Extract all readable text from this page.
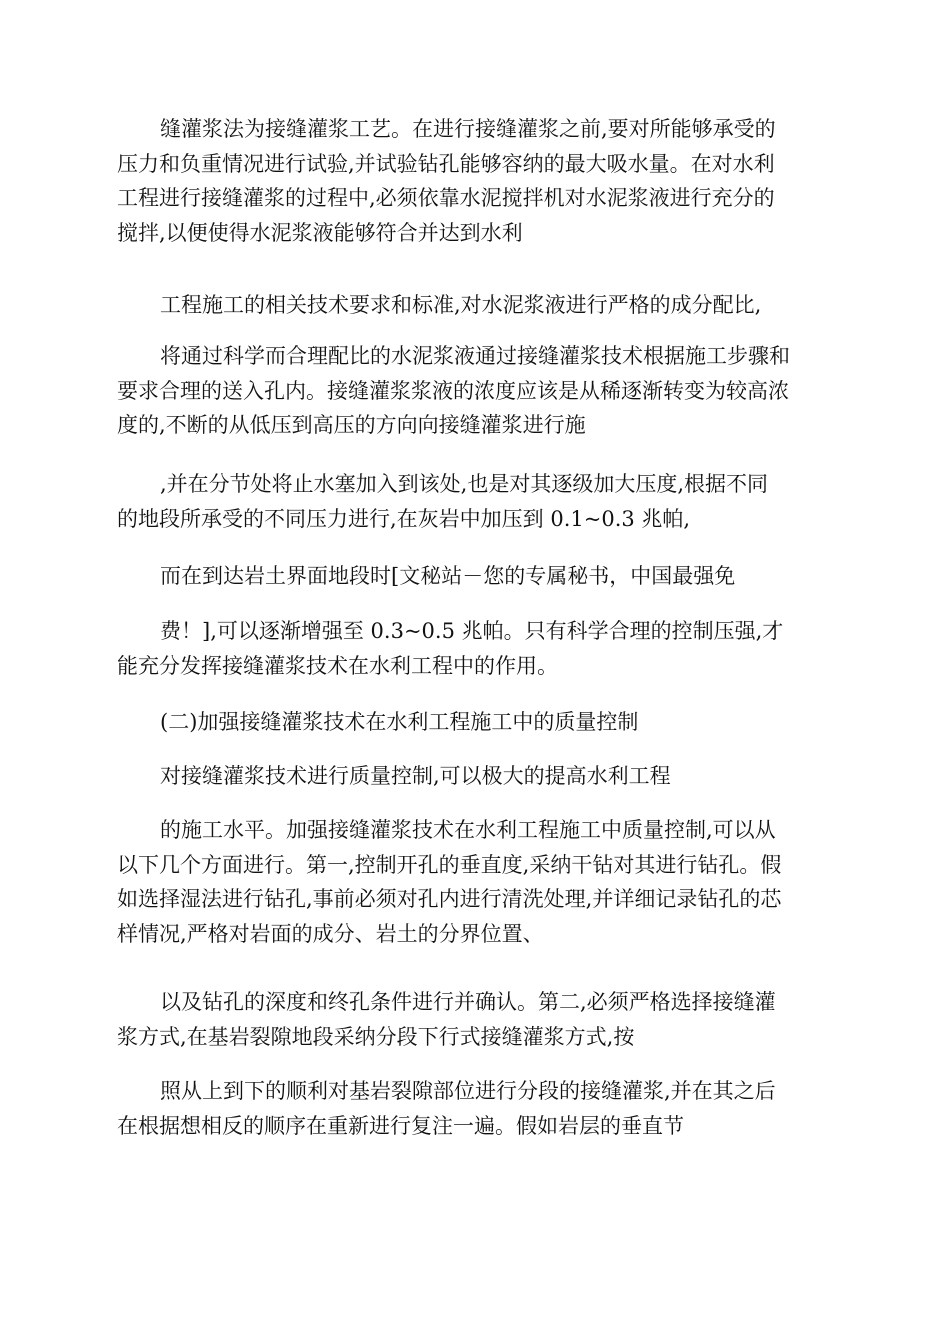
缝灌浆法为接缝灌浆工艺。在进行接缝灌浆之前,要对所能够承受的
压力和负重情况进行试验,并试验钻孔能够容纳的最大吸水量。在对水利
工程进行接缝灌浆的过程中,必须依靠水泥搅拌机对水泥浆液进行充分的
搅拌,以便使得水泥浆液能够符合并达到水利
工程施工的相关技术要求和标准,对水泥浆液进行严格的成分配比,
将通过科学而合理配比的水泥浆液通过接缝灌浆技术根据施工步骤和
要求合理的送入孔内。接缝灌浆浆液的浓度应该是从稀逐渐转变为较高浓
度的,不断的从低压到高压的方向向接缝灌浆进行施
,并在分节处将止水塞加入到该处,也是对其逐级加大压度,根据不同
的地段所承受的不同压力进行,在灰岩中加压到 0.1~0.3 兆帕,
而在到达岩土界面地段时[文秘站－您的专属秘书，中国最强免
费！],可以逐渐增强至 0.3~0.5 兆帕。只有科学合理的控制压强,才
能充分发挥接缝灌浆技术在水利工程中的作用。
(二)加强接缝灌浆技术在水利工程施工中的质量控制
对接缝灌浆技术进行质量控制,可以极大的提高水利工程
的施工水平。加强接缝灌浆技术在水利工程施工中质量控制,可以从
以下几个方面进行。第一,控制开孔的垂直度,采纳干钻对其进行钻孔。假
如选择湿法进行钻孔,事前必须对孔内进行清洗处理,并详细记录钻孔的芯
样情况,严格对岩面的成分、岩土的分界位置、
以及钻孔的深度和终孔条件进行并确认。第二,必须严格选择接缝灌
浆方式,在基岩裂隙地段采纳分段下行式接缝灌浆方式,按
照从上到下的顺利对基岩裂隙部位进行分段的接缝灌浆,并在其之后
在根据想相反的顺序在重新进行复注一遍。假如岩层的垂直节
